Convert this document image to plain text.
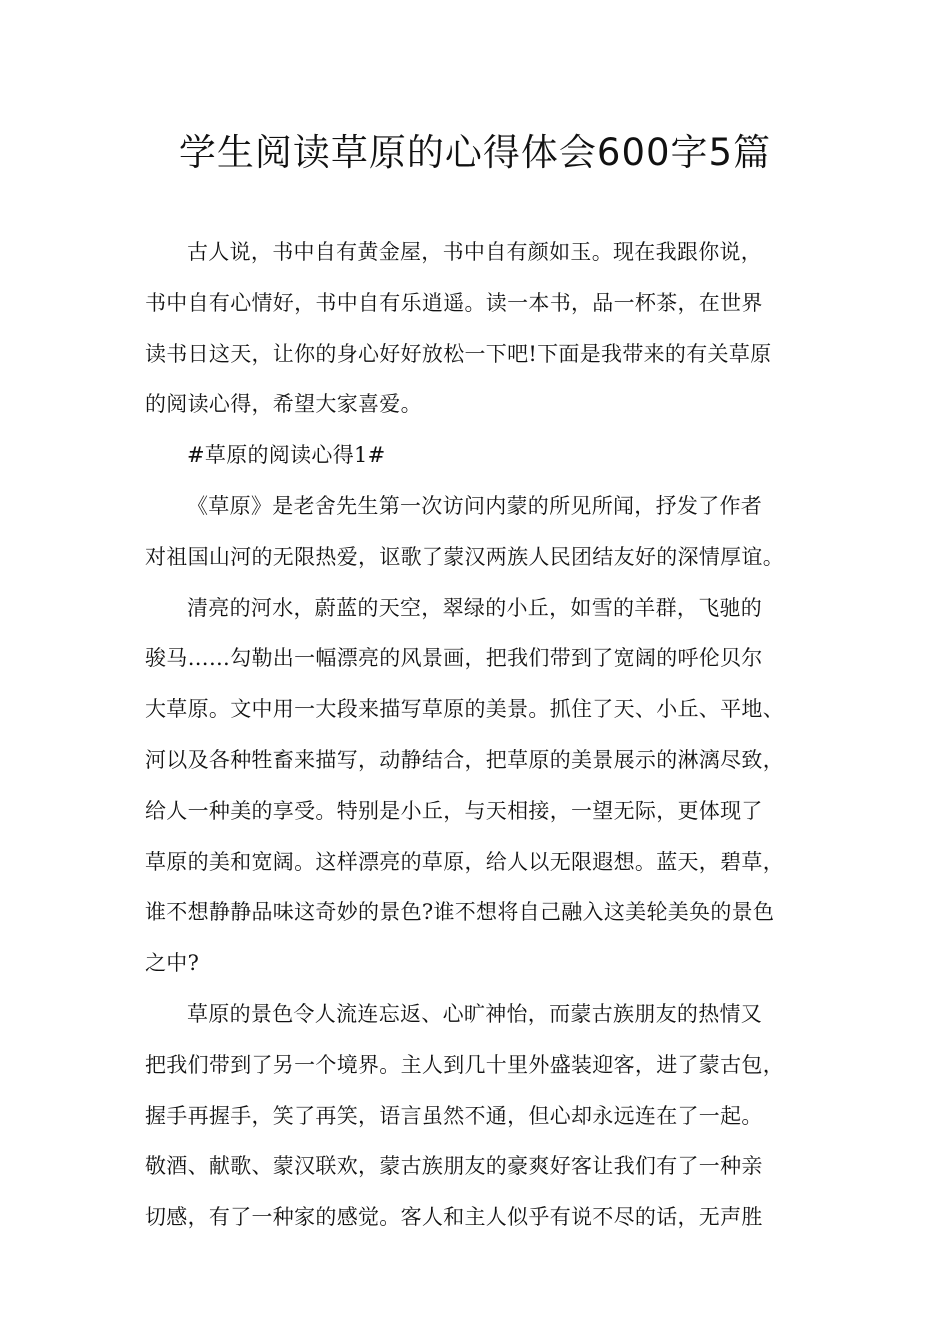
学生阅读草原的心得体会600字5篇
古人说，书中自有黄金屋，书中自有颜如玉。现在我跟你说，
书中自有心情好，书中自有乐逍遥。读一本书，品一杯茶，在世界
读书日这天，让你的身心好好放松一下吧!下面是我带来的有关草原
的阅读心得，希望大家喜爱。
#草原的阅读心得1#
《草原》是老舍先生第一次访问内蒙的所见所闻，抒发了作者
对祖国山河的无限热爱，讴歌了蒙汉两族人民团结友好的深情厚谊。
清亮的河水，蔚蓝的天空，翠绿的小丘，如雪的羊群，飞驰的
骏马……勾勒出一幅漂亮的风景画，把我们带到了宽阔的呼伦贝尔
大草原。文中用一大段来描写草原的美景。抓住了天、小丘、平地、
河以及各种牲畜来描写，动静结合，把草原的美景展示的淋漓尽致，
给人一种美的享受。特别是小丘，与天相接，一望无际，更体现了
草原的美和宽阔。这样漂亮的草原，给人以无限遐想。蓝天，碧草，
谁不想静静品味这奇妙的景色?谁不想将自己融入这美轮美奂的景色
之中?
草原的景色令人流连忘返、心旷神怡，而蒙古族朋友的热情又
把我们带到了另一个境界。主人到几十里外盛装迎客，进了蒙古包，
握手再握手，笑了再笑，语言虽然不通，但心却永远连在了一起。
敬酒、献歌、蒙汉联欢，蒙古族朋友的豪爽好客让我们有了一种亲
切感，有了一种家的感觉。客人和主人似乎有说不尽的话，无声胜
